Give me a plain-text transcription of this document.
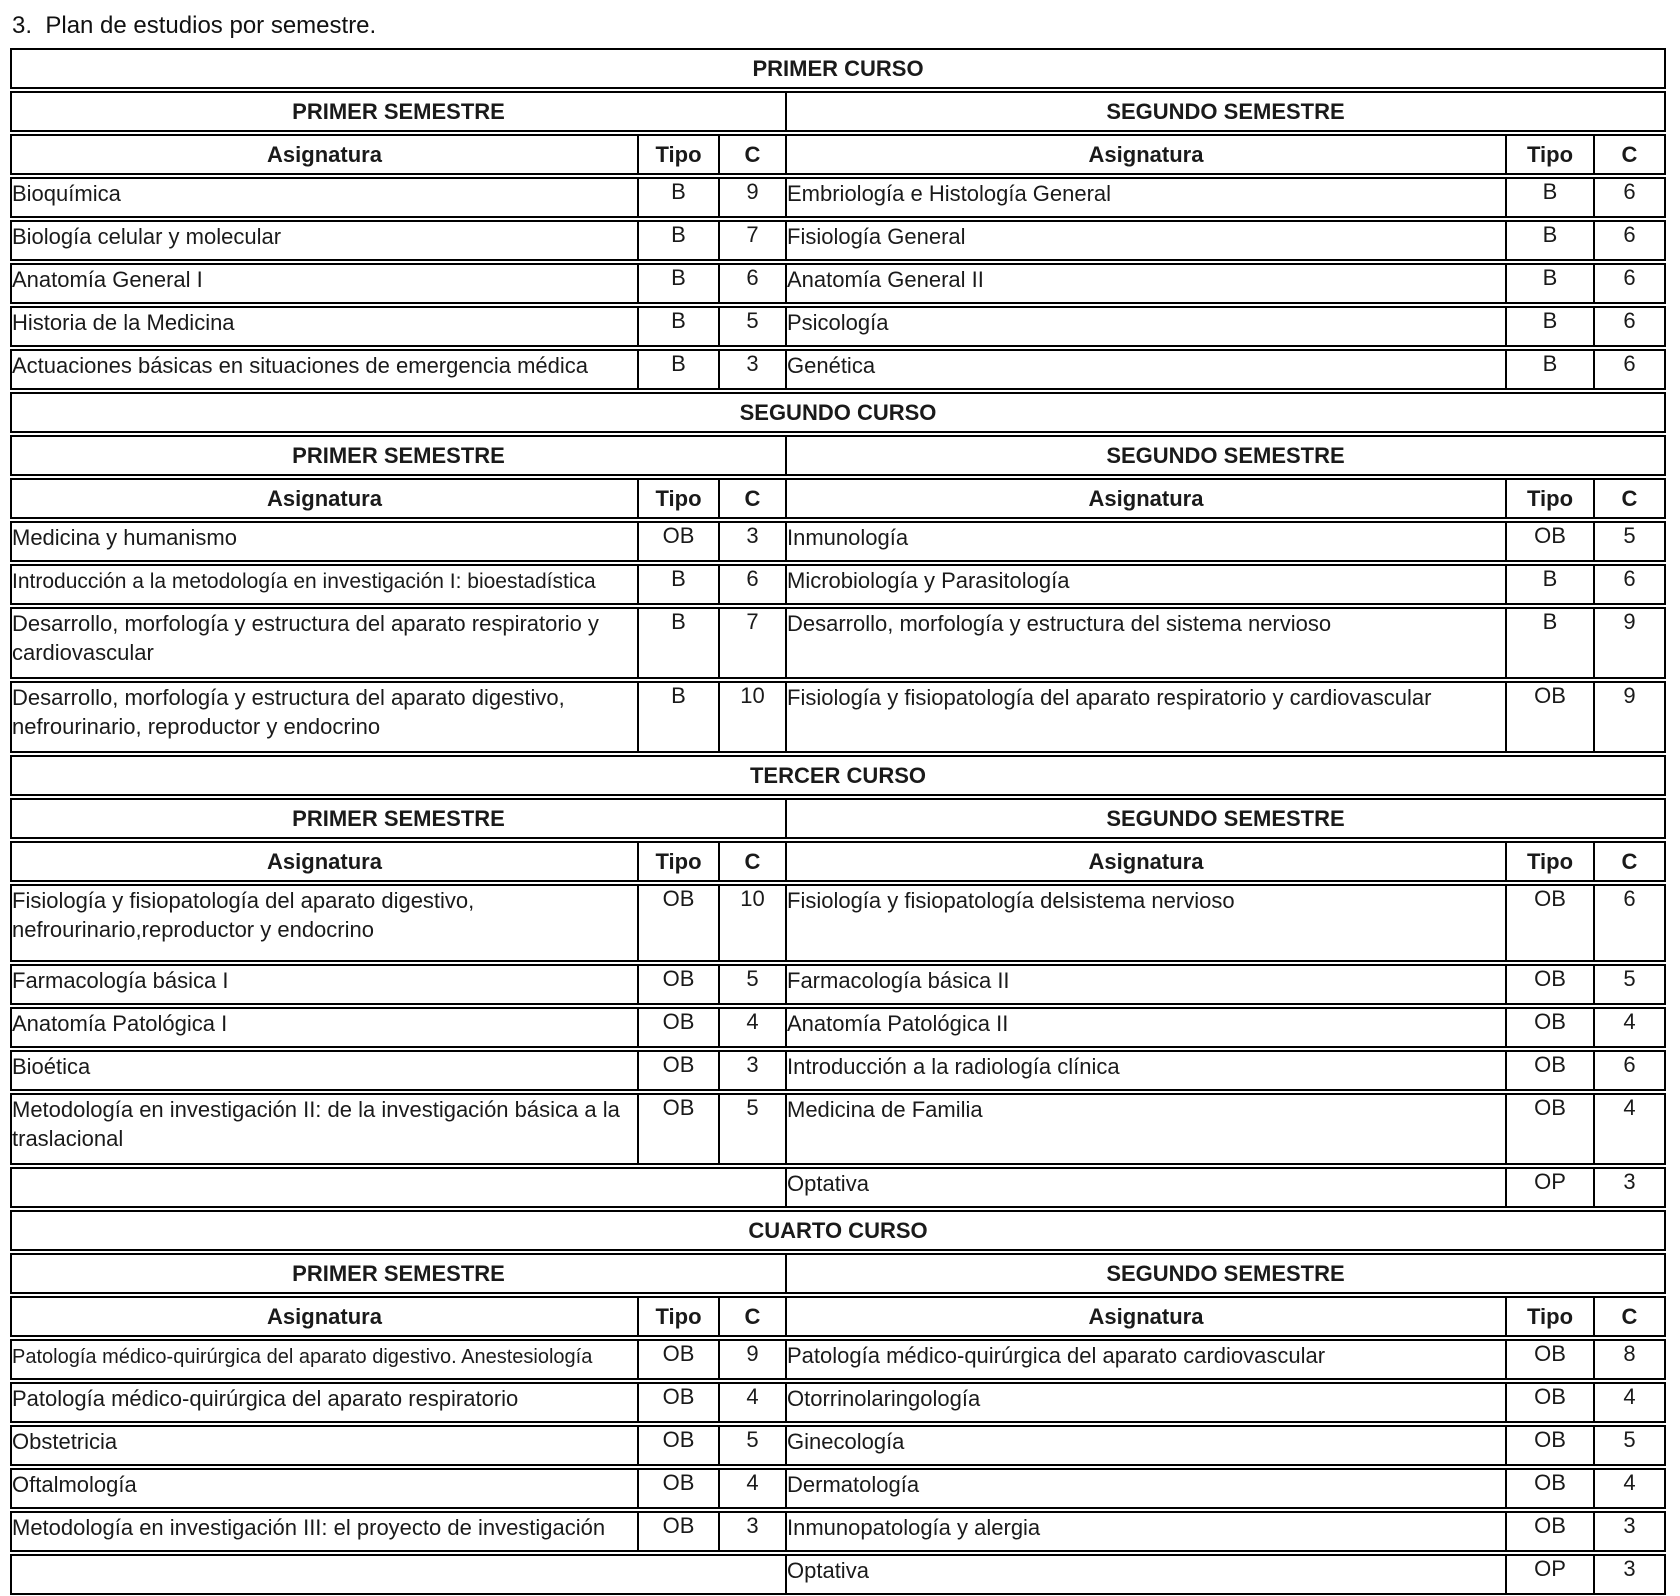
3.  Plan de estudios por semestre.
PRIMER CURSO					
PRIMER SEMESTRE			SEGUNDO SEMESTRE		
Asignatura	Tipo	C	Asignatura	Tipo	C
Bioquímica	B	9	Embriología e Histología General	B	6
Biología celular y molecular	B	7	Fisiología General	B	6
Anatomía General I	B	6	Anatomía General II	B	6
Historia de la Medicina	B	5	Psicología	B	6
Actuaciones básicas en situaciones de emergencia médica	B	3	Genética	B	6
SEGUNDO CURSO					
PRIMER SEMESTRE			SEGUNDO SEMESTRE		
Asignatura	Tipo	C	Asignatura	Tipo	C
Medicina y humanismo	OB	3	Inmunología	OB	5
Introducción a la metodología en investigación I: bioestadística	B	6	Microbiología y Parasitología	B	6
Desarrollo, morfología y estructura del aparato respiratorio y cardiovascular	B	7	Desarrollo, morfología y estructura del sistema nervioso	B	9
Desarrollo, morfología y estructura del aparato digestivo, nefrourinario, reproductor y endocrino	B	10	Fisiología y fisiopatología del aparato respiratorio y cardiovascular	OB	9
TERCER CURSO					
PRIMER SEMESTRE			SEGUNDO SEMESTRE		
Asignatura	Tipo	C	Asignatura	Tipo	C
Fisiología y fisiopatología del aparato digestivo, nefrourinario,reproductor y endocrino	OB	10	Fisiología y fisiopatología delsistema nervioso	OB	6
Farmacología básica I	OB	5	Farmacología básica II	OB	5
Anatomía Patológica I	OB	4	Anatomía Patológica II	OB	4
Bioética	OB	3	Introducción a la radiología clínica	OB	6
Metodología en investigación II: de la investigación básica a la traslacional	OB	5	Medicina de Familia	OB	4
			Optativa	OP	3
CUARTO CURSO					
PRIMER SEMESTRE			SEGUNDO SEMESTRE		
Asignatura	Tipo	C	Asignatura	Tipo	C
Patología médico-quirúrgica del aparato digestivo. Anestesiología	OB	9	Patología médico-quirúrgica del aparato cardiovascular	OB	8
Patología médico-quirúrgica del aparato respiratorio	OB	4	Otorrinolaringología	OB	4
Obstetricia	OB	5	Ginecología	OB	5
Oftalmología	OB	4	Dermatología	OB	4
Metodología en investigación III: el proyecto de investigación	OB	3	Inmunopatología y alergia	OB	3
			Optativa	OP	3
